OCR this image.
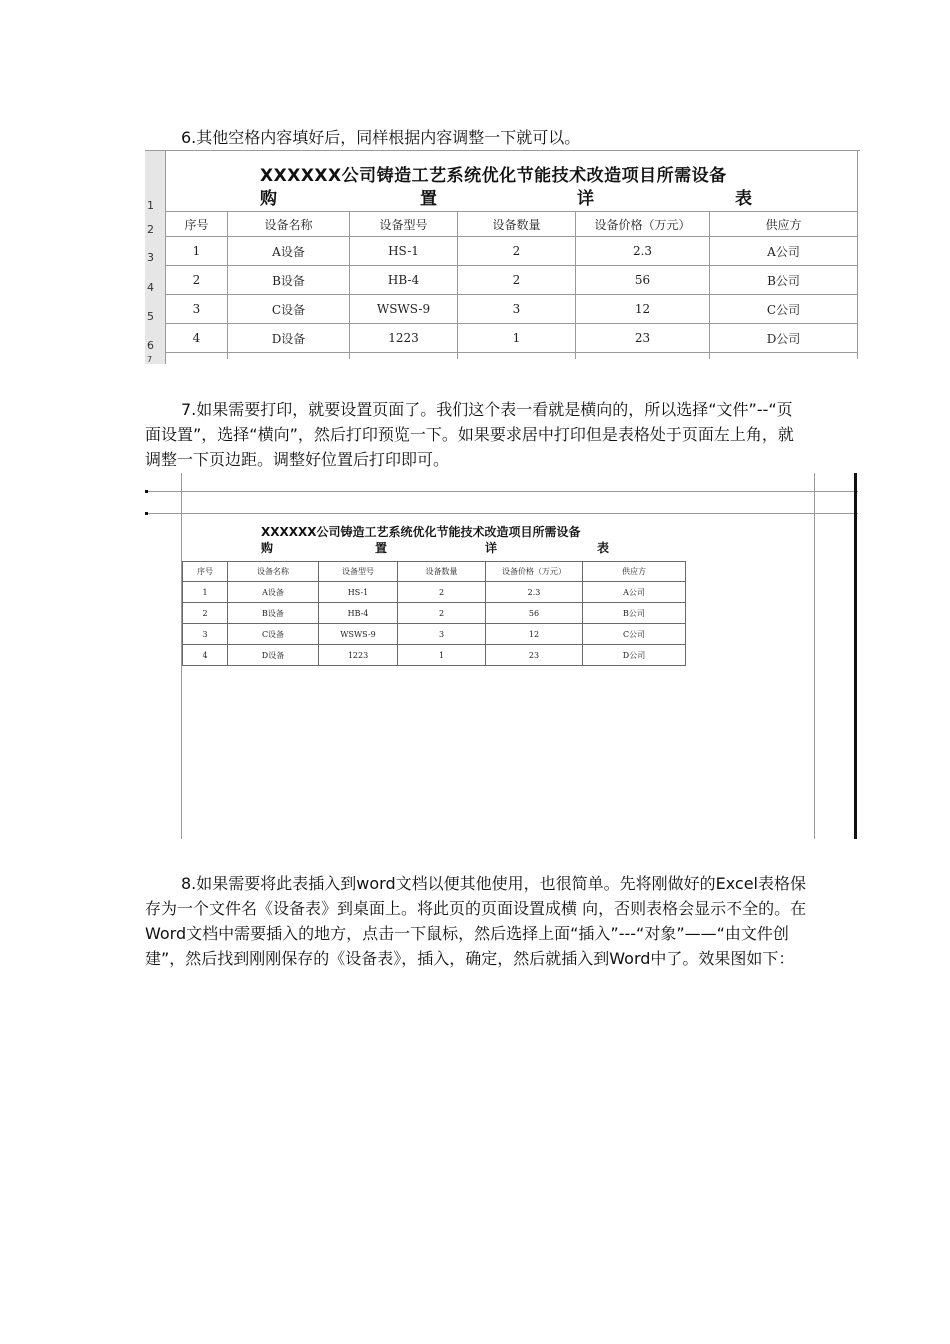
6.其他空格内容填好后，同样根据内容调整一下就可以。

1
2
3
4
5
6
7
XXXXXX公司铸造工艺系统优化节能技术改造项目所需设备
购	置	详	表
序号	设备名称	设备型号	设备数量	设备价格（万元）	供应方
1	A设备	HS-1	2	2.3	A公司
2	B设备	HB-4	2	56	B公司
3	C设备	WSWS-9	3	12	C公司
4	D设备	1223	1	23	D公司

7.如果需要打印，就要设置页面了。我们这个表一看就是横向的，所以选择“文件”--“页面设置”，选择“横向”，然后打印预览一下。如果要求居中打印但是表格处于页面左上角，就调整一下页边距。调整好位置后打印即可。

XXXXXX公司铸造工艺系统优化节能技术改造项目所需设备
购	置	详	表
序号	设备名称	设备型号	设备数量	设备价格（万元）	供应方
1	A设备	HS-1	2	2.3	A公司
2	B设备	HB-4	2	56	B公司
3	C设备	WSWS-9	3	12	C公司
4	D设备	1223	1	23	D公司

8.如果需要将此表插入到word文档以便其他使用，也很简单。先将刚做好的Excel表格保存为一个文件名《设备表》到桌面上。将此页的页面设置成横 向，否则表格会显示不全的。在Word文档中需要插入的地方，点击一下鼠标，然后选择上面“插入”---“对象”——“由文件创建”，然后找到刚刚保存的《设备表》，插入，确定，然后就插入到Word中了。效果图如下：
